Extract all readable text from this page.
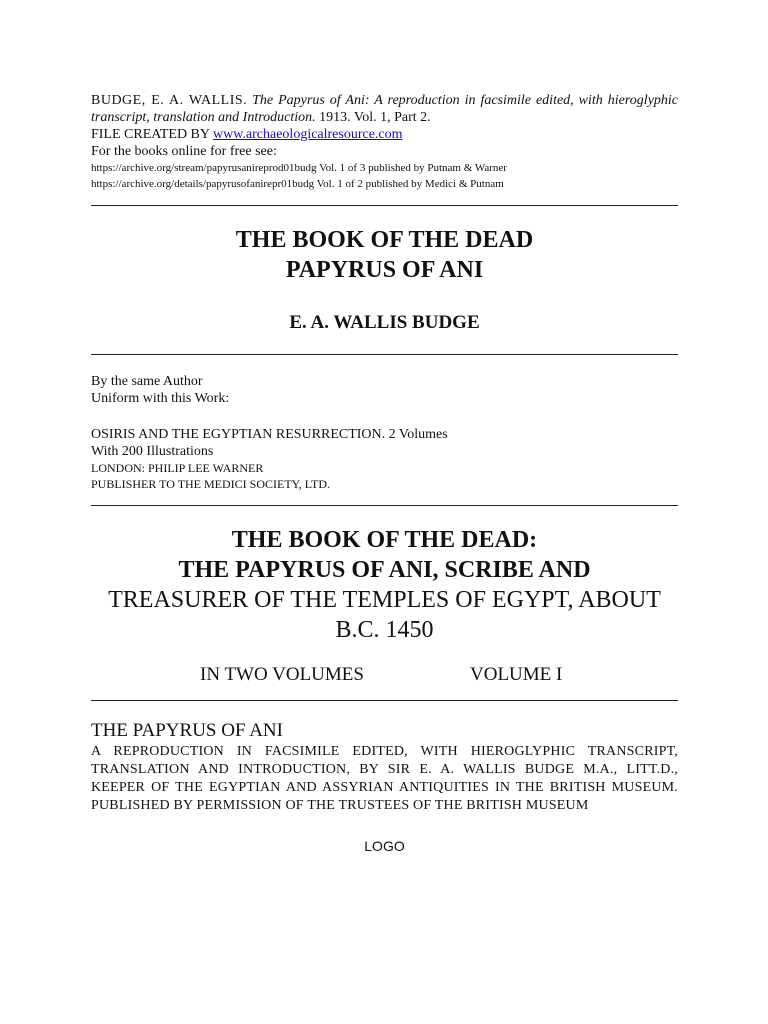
BUDGE, E. A. WALLIS. The Papyrus of Ani: A reproduction in facsimile edited, with hieroglyphic transcript, translation and Introduction. 1913. Vol. 1, Part 2.
FILE CREATED BY www.archaeologicalresource.com
For the books online for free see:
https://archive.org/stream/papyrusanireprod01budg Vol. 1 of 3 published by Putnam & Warner
https://archive.org/details/papyrusofanirepr01budg Vol. 1 of 2 published by Medici & Putnam
THE BOOK OF THE DEAD
PAPYRUS OF ANI
E. A. WALLIS BUDGE
By the same Author
Uniform with this Work:
OSIRIS AND THE EGYPTIAN RESURRECTION. 2 Volumes
With 200 Illustrations
LONDON: PHILIP LEE WARNER
PUBLISHER TO THE MEDICI SOCIETY, LTD.
THE BOOK OF THE DEAD:
THE PAPYRUS OF ANI, SCRIBE AND
TREASURER OF THE TEMPLES OF EGYPT, ABOUT
B.C. 1450
IN TWO VOLUMES	VOLUME I
THE PAPYRUS OF ANI
A REPRODUCTION IN FACSIMILE EDITED, WITH HIEROGLYPHIC TRANSCRIPT, TRANSLATION AND INTRODUCTION, BY SIR E. A. WALLIS BUDGE M.A., LITT.D., KEEPER OF THE EGYPTIAN AND ASSYRIAN ANTIQUITIES IN THE BRITISH MUSEUM. PUBLISHED BY PERMISSION OF THE TRUSTEES OF THE BRITISH MUSEUM
LOGO
